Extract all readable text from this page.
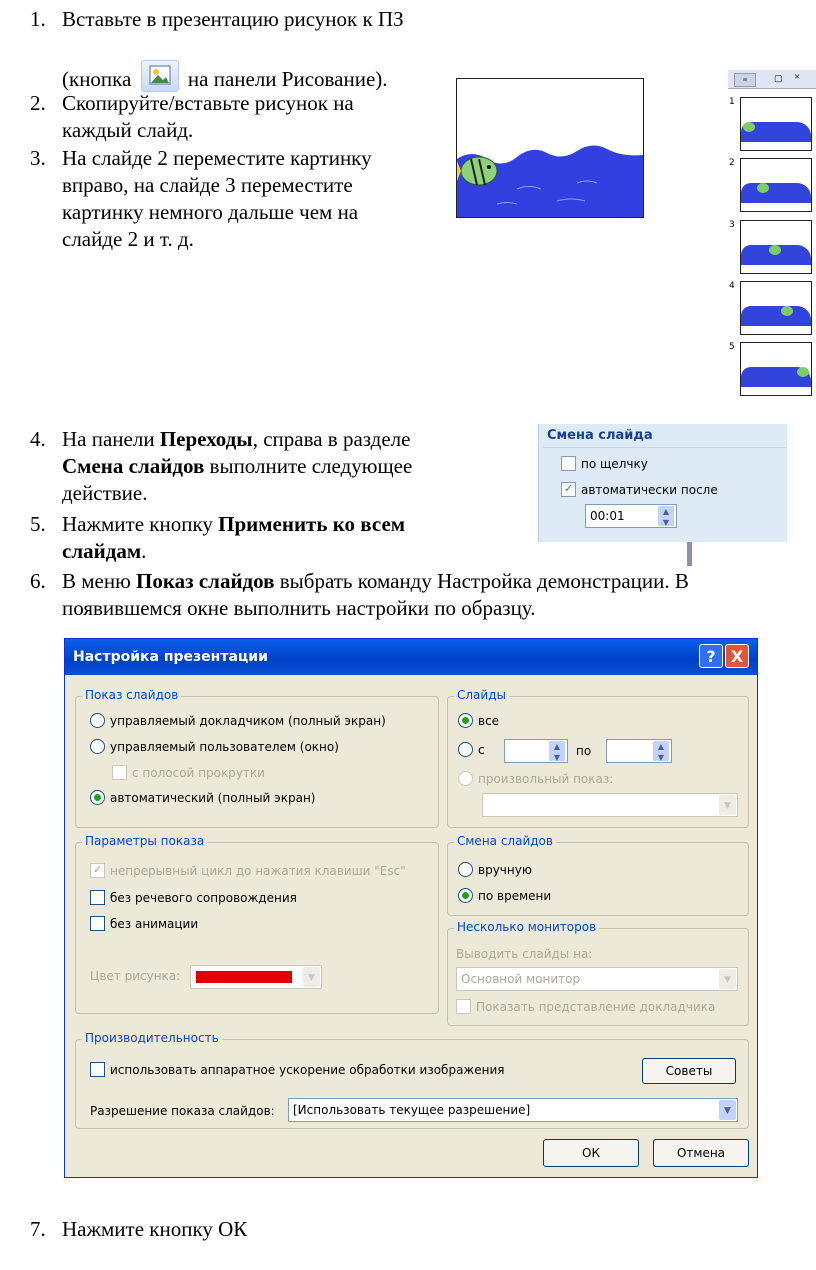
1. Вставьте в презентацию рисунок к ПЗ
(кнопка	на панели Рисование).
2. Скопируйте/вставьте рисунок на
каждый слайд.
3. На слайде 2 переместите картинку
вправо, на слайде 3 переместите
картинку немного дальше чем на
слайде 2 и т. д.
≡	▢ ×
1
2
3
4
5
4. На панели Переходы, справа в разделе
Смена слайдов выполните следующее
действие.
5. Нажмите кнопку Применить ко всем
слайдам.
Смена слайда
по щелчку
✓ автоматически после
00:01	▲
▼
6. В меню Показ слайдов выбрать команду Настройка демонстрации. В
появившемся окне выполнить настройки по образцу.
Настройка презентации	? X
Показ слайдов
управляемый докладчиком (полный экран)
управляемый пользователем (окно)
с полосой прокрутки
автоматический (полный экран)
Слайды
все
с	▲
▼	по	▲
▼
произвольный показ:
▼
Параметры показа
✓ непрерывный цикл до нажатия клавиши "Esc"
без речевого сопровождения
без анимации
Цвет рисунка:	▼
Смена слайдов
вручную
по времени
Несколько мониторов
Выводить слайды на:
Основной монитор	▼
Показать представление докладчика
Производительность
использовать аппаратное ускорение обработки изображения	Советы
Разрешение показа слайдов:	[Использовать текущее разрешение]	▼
ОК	Отмена
7. Нажмите кнопку ОК
